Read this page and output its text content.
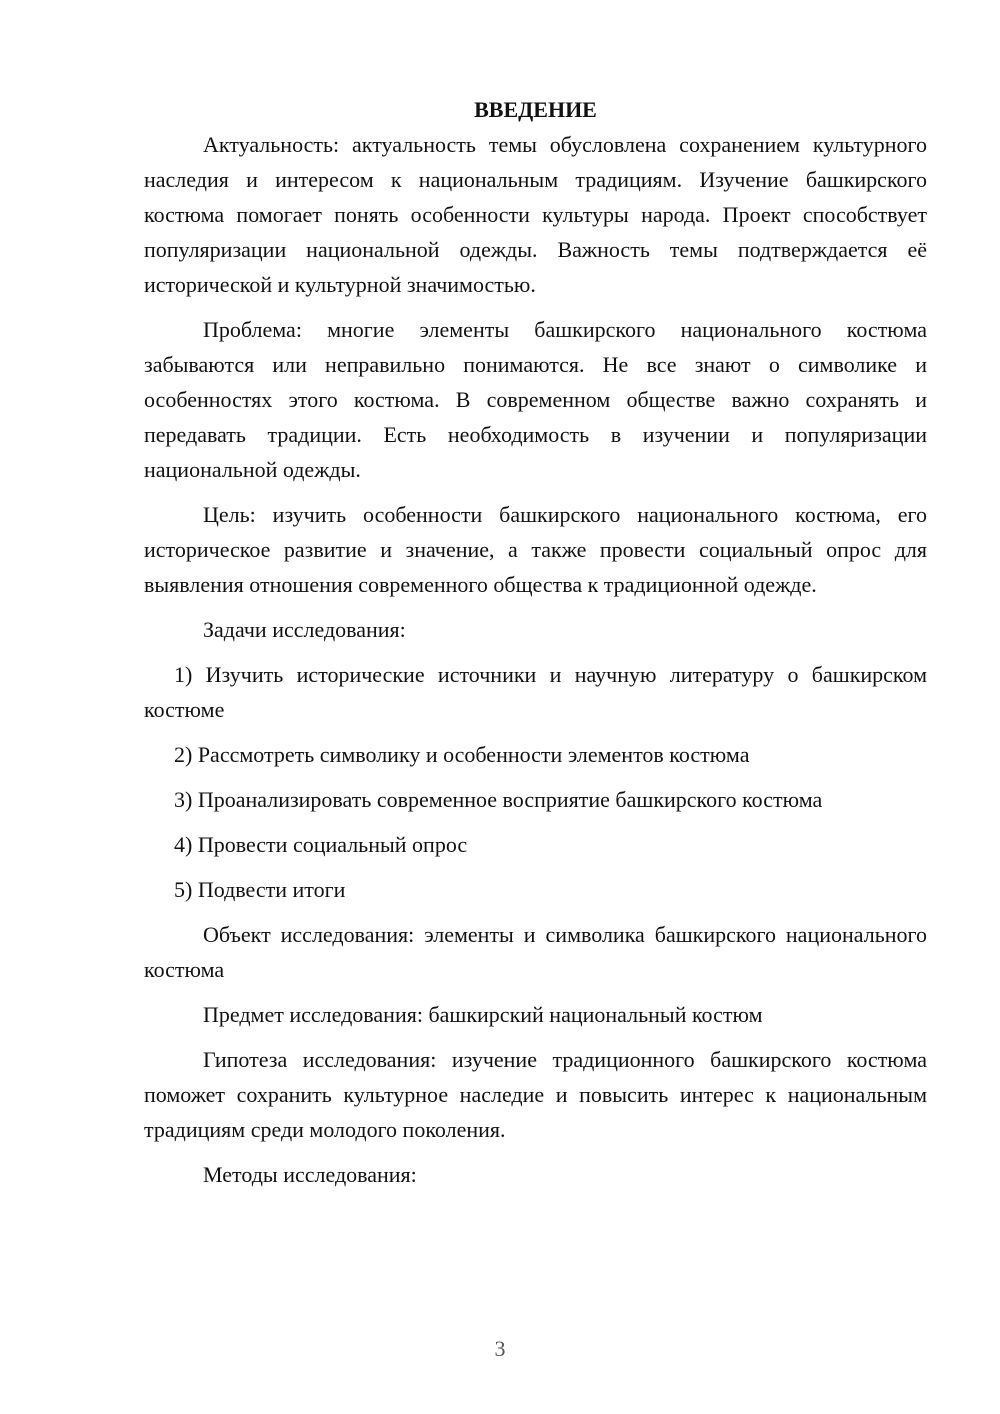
ВВЕДЕНИЕ

Актуальность: актуальность темы обусловлена сохранением культурного наследия и интересом к национальным традициям. Изучение башкирского костюма помогает понять особенности культуры народа. Проект способствует популяризации национальной одежды. Важность темы подтверждается её исторической и культурной значимостью.

Проблема: многие элементы башкирского национального костюма забываются или неправильно понимаются. Не все знают о символике и особенностях этого костюма. В современном обществе важно сохранять и передавать традиции. Есть необходимость в изучении и популяризации национальной одежды.

Цель: изучить особенности башкирского национального костюма, его историческое развитие и значение, а также провести социальный опрос для выявления отношения современного общества к традиционной одежде.

Задачи исследования:

1) Изучить исторические источники и научную литературу о башкирском костюме

2) Рассмотреть символику и особенности элементов костюма

3) Проанализировать современное восприятие башкирского костюма

4) Провести социальный опрос

5) Подвести итоги

Объект исследования: элементы и символика башкирского национального костюма

Предмет исследования: башкирский национальный костюм

Гипотеза исследования: изучение традиционного башкирского костюма поможет сохранить культурное наследие и повысить интерес к национальным традициям среди молодого поколения.

Методы исследования:

3
